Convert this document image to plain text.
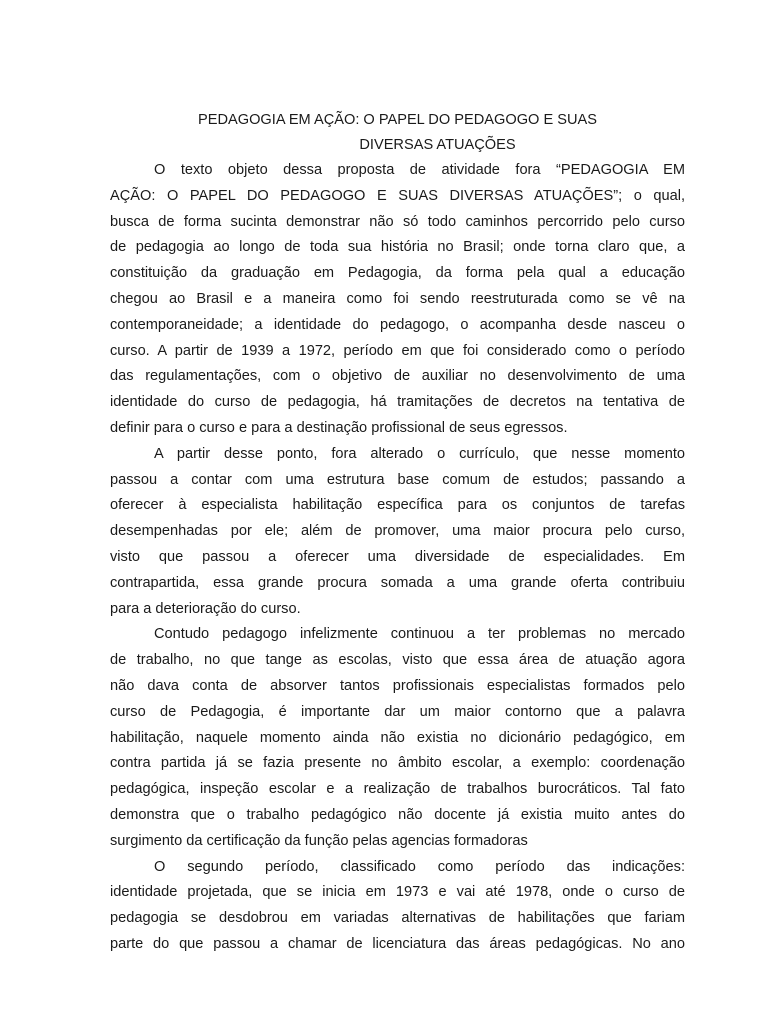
PEDAGOGIA EM AÇÃO: O PAPEL DO PEDAGOGO E SUAS
DIVERSAS ATUAÇÕES
O texto objeto dessa proposta de atividade fora “PEDAGOGIA EM
AÇÃO: O PAPEL DO PEDAGOGO E SUAS DIVERSAS ATUAÇÕES”; o qual,
busca de forma sucinta demonstrar não só todo caminhos percorrido pelo curso
de pedagogia ao longo de toda sua história no Brasil; onde torna claro que, a
constituição da graduação em Pedagogia, da forma pela qual a educação
chegou ao Brasil e a maneira como foi sendo reestruturada como se vê na
contemporaneidade; a identidade do pedagogo, o acompanha desde nasceu o
curso. A partir de 1939 a 1972, período em que foi considerado como o período
das regulamentações, com o objetivo de auxiliar no desenvolvimento de uma
identidade do curso de pedagogia, há tramitações de decretos na tentativa de
definir para o curso e para a destinação profissional de seus egressos.
A partir desse ponto, fora alterado o currículo, que nesse momento
passou a contar com uma estrutura base comum de estudos; passando a
oferecer à especialista habilitação específica para os conjuntos de tarefas
desempenhadas por ele; além de promover, uma maior procura pelo curso,
visto que passou a oferecer uma diversidade de especialidades. Em
contrapartida, essa grande procura somada a uma grande oferta contribuiu
para a deterioração do curso.
Contudo pedagogo infelizmente continuou a ter problemas no mercado
de trabalho, no que tange as escolas, visto que essa área de atuação agora
não dava conta de absorver tantos profissionais especialistas formados pelo
curso de Pedagogia, é importante dar um maior contorno que a palavra
habilitação, naquele momento ainda não existia no dicionário pedagógico, em
contra partida já se fazia presente no âmbito escolar, a exemplo: coordenação
pedagógica, inspeção escolar e a realização de trabalhos burocráticos. Tal fato
demonstra que o trabalho pedagógico não docente já existia muito antes do
surgimento da certificação da função pelas agencias formadoras
O segundo período, classificado como período das indicações:
identidade projetada, que se inicia em 1973 e vai até 1978, onde o curso de
pedagogia se desdobrou em variadas alternativas de habilitações que fariam
parte do que passou a chamar de licenciatura das áreas pedagógicas. No ano
